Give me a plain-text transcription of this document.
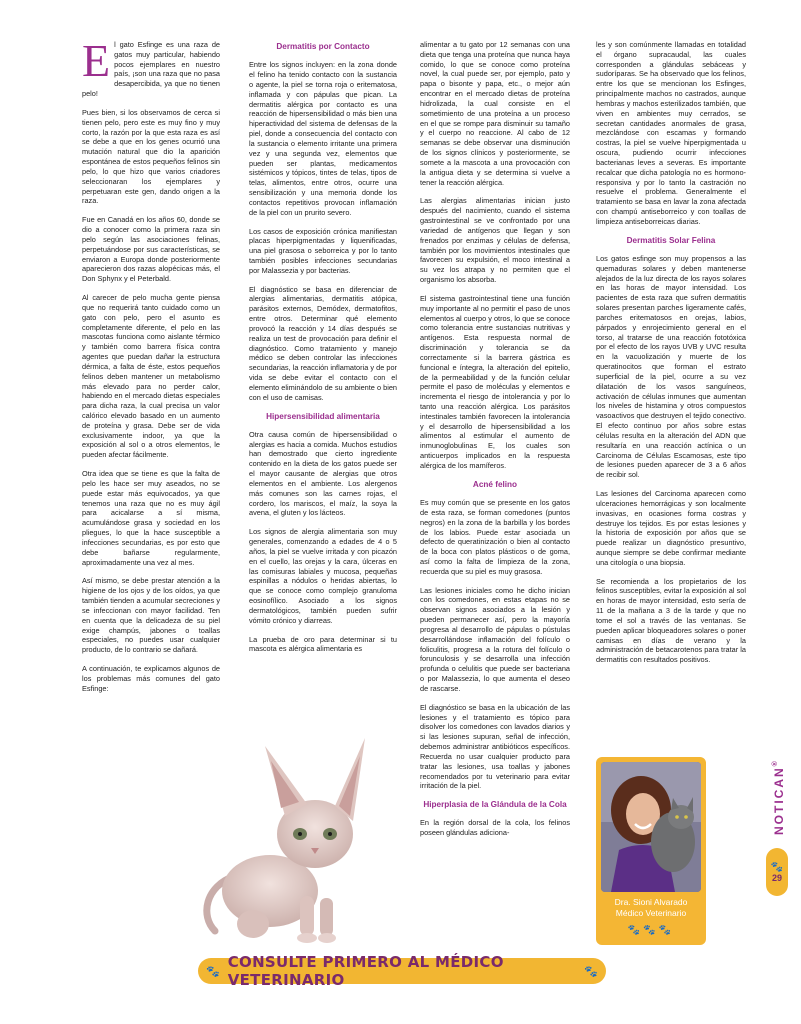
El gato Esfinge es una raza de gatos muy particular, habiendo pocos ejemplares en nuestro país, ¡son una raza que no pasa desapercibida, ya que no tienen pelo!

Pues bien, si los observamos de cerca si tienen pelo, pero este es muy fino y muy corto, la razón por la que esta raza es así se debe a que en los genes ocurrió una mutación natural que dio la aparición espontánea de estos pequeños felinos sin pelo, lo que hizo que varios criadores seleccionaran los ejemplares y perpetuaran este gen, dando origen a la raza.

Fue en Canadá en los años 60, donde se dio a conocer como la primera raza sin pelo según las asociaciones felinas, perpetuándose por sus características, se enviaron a Europa donde posteriormente aparecieron dos razas alopécicas más, el Don Sphynx y el Peterbald.

Al carecer de pelo mucha gente piensa que no requerirá tanto cuidado como un gato con pelo, pero el asunto es completamente diferente, el pelo en las mascotas funciona como aislante térmico y también como barrera física contra agentes que puedan dañar la estructura dérmica, a falta de éste, estos pequeños felinos deben mantener un metabolismo más elevado para no perder calor, habiendo en el mercado dietas especiales para dicha raza, la cual precisa un valor calórico elevado basado en un aumento de proteína y grasa. Debe ser de vida exclusivamente indoor, ya que la exposición al sol o a otros elementos, le pueden afectar fácilmente.

Otra idea que se tiene es que la falta de pelo les hace ser muy aseados, no se puede estar más equivocados, ya que tenemos una raza que no es muy ágil para acicalarse a sí misma, acumulándose grasa y sociedad en los pliegues, lo que la hace susceptible a infecciones secundarias, es por esto que debe bañarse regularmente, aproximadamente una vez al mes.

Así mismo, se debe prestar atención a la higiene de los ojos y de los oídos, ya que también tienden a acumular secreciones y se infeccionan con mayor facilidad. Ten en cuenta que la delicadeza de su piel exige champús, jabones o toallas especiales, no puedes usar cualquier producto, de lo contrario se dañará.

A continuación, te explicamos algunos de los problemas más comunes del gato Esfinge:

Dermatitis por Contacto

Entre los signos incluyen: en la zona donde el felino ha tenido contacto con la sustancia o agente, la piel se torna roja o eritematosa, inflamada y con pápulas que pican. La dermatitis alérgica por contacto es una reacción de hipersensibilidad o más bien una hiperactividad del sistema de defensas de la piel, donde a consecuencia del contacto con la sustancia o elemento irritante una primera vez y una segunda vez, elementos que pueden ser plantas, medicamentos sistémicos y tópicos, tintes de telas, tipos de telas, alimentos, entre otros, ocurre una sensibilización y una memoria donde los contactos repetitivos provocan inflamación de la piel con un prurito severo.

Los casos de exposición crónica manifiestan placas hiperpigmentadas y liquenificadas, una piel grasosa o seborreica y por lo tanto también posibles infecciones secundarias por Malassezia y por bacterias.

El diagnóstico se basa en diferenciar de alergias alimentarias, dermatitis atópica, parásitos externos, Demódex, dermatofitos, entre otros. Determinar qué elemento provocó la reacción y 14 días después se realiza un test de provocación para definir el diagnóstico. Como tratamiento y manejo médico se deben controlar las infecciones secundarias, la reacción inflamatoria y de por vida se debe evitar el contacto con el elemento eliminándolo de su ambiente o bien con el uso de camisas.

Hipersensibilidad alimentaria

Otra causa común de hipersensibilidad o alergias es hacia a comida. Muchos estudios han demostrado que cierto ingrediente contenido en la dieta de los gatos puede ser el mayor causante de alergias que otros elementos en el ambiente. Los alergenos más comunes son las carnes rojas, el cordero, los mariscos, el maíz, la soya la avena, el gluten y los lácteos.

Los signos de alergia alimentaria son muy generales, comenzando a edades de 4 o 5 años, la piel se vuelve irritada y con picazón en el cuello, las orejas y la cara, úlceras en las comisuras labiales y mucosa, pequeñas espinillas a nódulos o heridas abiertas, lo que se conoce como complejo granuloma eosinofílico. Asociado a los signos dermatológicos, también pueden sufrir vómito crónico y diarreas.

La prueba de oro para determinar si tu mascota es alérgica alimentaria es

alimentar a tu gato por 12 semanas con una dieta que tenga una proteína que nunca haya comido, lo que se conoce como proteína novel, la cual puede ser, por ejemplo, pato y papa o bisonte y papa, etc., o mejor aún encontrar en el mercado dietas de proteína hidrolizada, la cual consiste en el sometimiento de una proteína a un proceso en el que se rompe para disminuir su tamaño y el cuerpo no reaccione. Al cabo de 12 semanas se debe observar una disminución de los signos clínicos y posteriormente, se somete a la mascota a una provocación con la antigua dieta y se determina si vuelve a tener la reacción alérgica.

Las alergias alimentarias inician justo después del nacimiento, cuando el sistema gastrointestinal se ve confrontado por una variedad de antígenos que llegan y son frenados por enzimas y células de defensa, también por los movimientos intestinales que favorecen su expulsión, el moco intestinal a su vez los atrapa y no permiten que el organismo los absorba.

El sistema gastrointestinal tiene una función muy importante al no permitir el paso de unos elementos al cuerpo y otros, lo que se conoce como tolerancia entre sustancias nutritivas y antígenos. Esta respuesta normal de discriminación y tolerancia se da correctamente si la barrera gástrica es funcional e íntegra, la alteración del epitelio, de la permeabilidad y de la función celular permite el paso de moléculas y elementos e incrementa el riesgo de intolerancia y por lo tanto una reacción alérgica. Los parásitos intestinales también favorecen la intolerancia y el desarrollo de hipersensibilidad a los alimentos al estimular el aumento de inmunoglobulinas E, los cuales son anticuerpos implicados en la respuesta alérgica de los mamíferos.

Acné felino

Es muy común que se presente en los gatos de esta raza, se forman comedones (puntos negros) en la zona de la barbilla y los bordes de los labios. Puede estar asociada un defecto de queratinización o bien al contacto de la boca con platos plásticos o de goma, así como la falta de limpieza de la zona, recuerda que su piel es muy grasosa.

Las lesiones iniciales como he dicho inician con los comedones, en estas etapas no se observan signos asociados a la lesión y pueden permanecer así, pero la mayoría progresa al desarrollo de pápulas o pústulas desarrollándose inflamación del folículo o foliculitis, progresa a la rotura del folículo o forunculosis y se desarrolla una infección profunda o celulitis que puede ser bacteriana o por Malassezia, lo que aumenta el deseo de rascarse.

El diagnóstico se basa en la ubicación de las lesiones y el tratamiento es tópico para disolver los comedones con lavados diarios y si las lesiones supuran, señal de infección, debemos administrar antibióticos específicos. Recuerda no usar cualquier producto para tratar las lesiones, usa toallas y jabones recomendados por tu veterinario para evitar irritación de la piel.

Hiperplasia de la Glándula de la Cola

En la región dorsal de la cola, los felinos poseen glándulas adiciona-

les y son comúnmente llamadas en totalidad el órgano supracaudal, las cuales corresponden a glándulas sebáceas y sudoríparas. Se ha observado que los felinos, entre los que se mencionan los Esfinges, principalmente machos no castrados, aunque hembras y machos esterilizados también, que viven en ambientes muy cerrados, se secretan cantidades anormales de grasa, mezclándose con escamas y formando costras, la piel se vuelve hiperpigmentada u oscura, pudiendo ocurrir infecciones bacterianas leves a severas. Es importante recalcar que dicha patología no es hormono-responsiva y por lo tanto la castración no resuelve el problema. Generalmente el tratamiento se basa en lavar la zona afectada con champú antiseborreico y con toallas de limpieza antiseborreicas diarias.

Dermatitis Solar Felina

Los gatos esfinge son muy propensos a las quemaduras solares y deben mantenerse alejados de la luz directa de los rayos solares en las horas de mayor intensidad. Los pacientes de esta raza que sufren dermatitis solares presentan parches ligeramente cafés, parches eritematosos en orejas, labios, párpados y enrojecimiento general en el torso, al tratarse de una reacción fototóxica por el efecto de los rayos UVB y UVC resulta en la vacuolización y muerte de los queratinocitos que forman el estrato superficial de la piel, ocurre a su vez dilatación de los vasos sanguíneos, activación de células inmunes que aumentan los niveles de histamina y otros compuestos vasoactivos que destruyen el tejido conectivo. El efecto continuo por años sobre estas células resulta en la alteración del ADN que resultaría en una reacción actínica o un Carcinoma de Células Escamosas, este tipo de lesiones pueden aparecer de 3 a 6 años de recibir sol.

Las lesiones del Carcinoma aparecen como ulceraciones hemorrágicas y son localmente invasivas, en ocasiones forma costras y destruye los tejidos. Es por estas lesiones y la historia de exposición por años que se puede realizar un diagnóstico presuntivo, aunque siempre se debe confirmar mediante una citología o una biopsia.

Se recomienda a los propietarios de los felinos susceptibles, evitar la exposición al sol en horas de mayor intensidad, esto sería de 11 de la mañana a 3 de la tarde y que no tome el sol a través de las ventanas. Se pueden aplicar bloqueadores solares o poner camisas en días de verano y la administración de betacarotenos para tratar la dermatitis con resultados positivos.

Dra. Sioni Alvarado
Médico Veterinario
🐾🐾🐾
NOTICAN®
🐾
29
🐾
CONSULTE PRIMERO AL MÉDICO VETERINARIO	🐾
